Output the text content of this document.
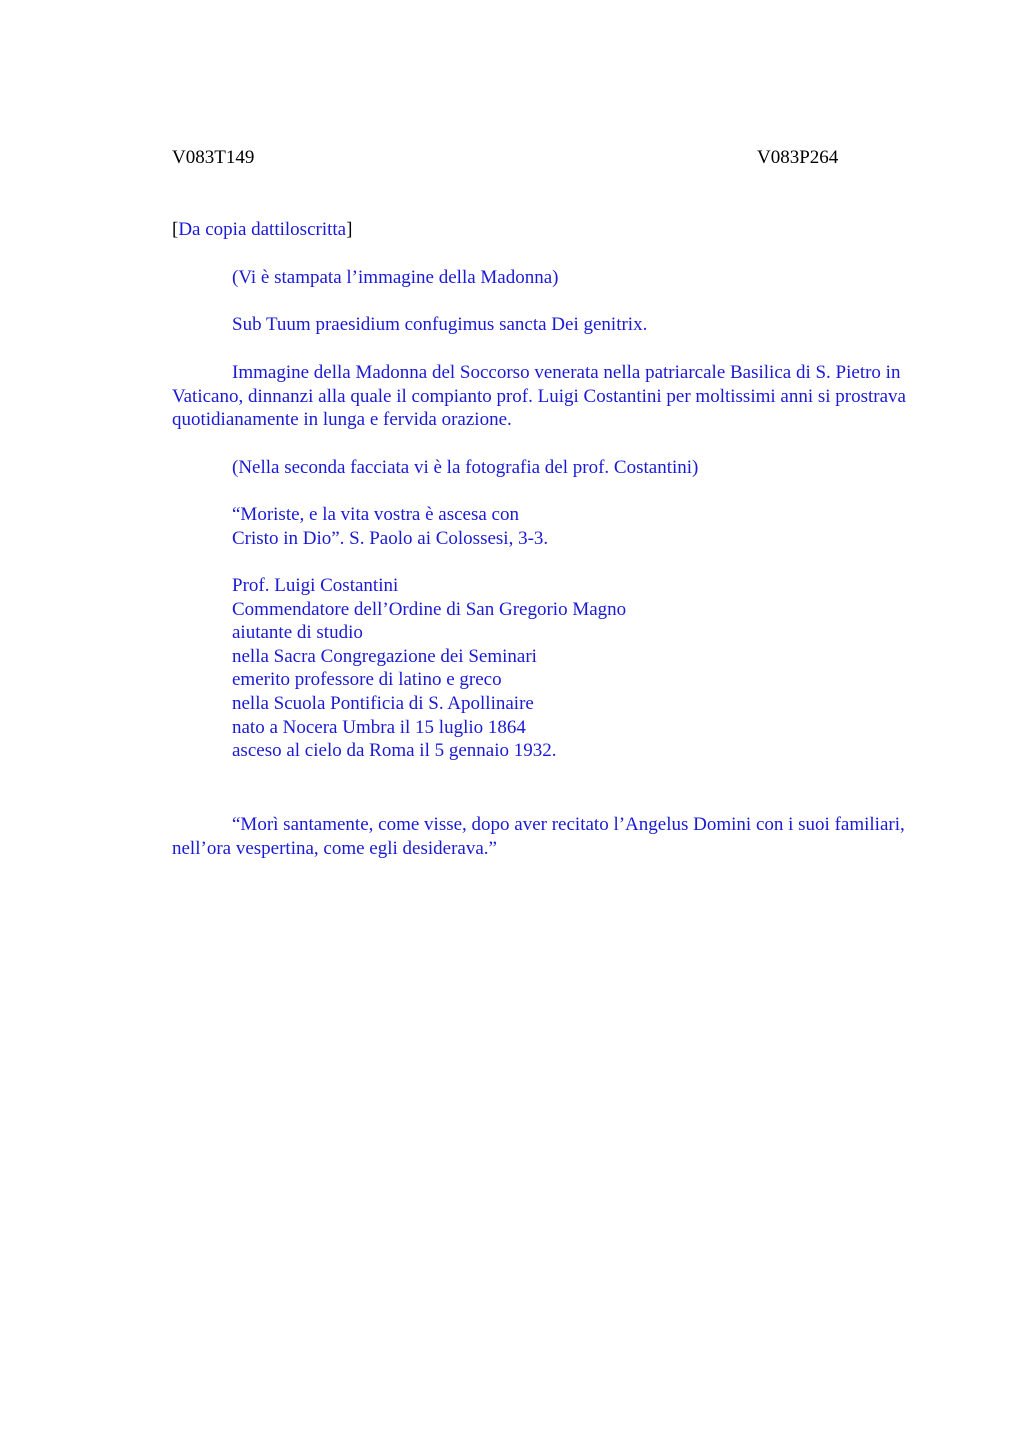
V083T149	V083P264
[Da copia dattiloscritta]

(Vi è stampata l’immagine della Madonna)

Sub Tuum praesidium confugimus sancta Dei genitrix.

Immagine della Madonna del Soccorso venerata nella patriarcale Basilica di S. Pietro in Vaticano, dinnanzi alla quale il compianto prof. Luigi Costantini per moltissimi anni si prostrava quotidianamente in lunga e fervida orazione.

(Nella seconda facciata vi è la fotografia del prof. Costantini)

“Moriste, e la vita vostra è ascesa con
Cristo in Dio”. S. Paolo ai Colossesi, 3-3.
Prof. Luigi Costantini
Commendatore dell’Ordine di San Gregorio Magno
aiutante di studio
nella Sacra Congregazione dei Seminari
emerito professore di latino e greco
nella Scuola Pontificia di S. Apollinaire
nato a Nocera Umbra il 15 luglio 1864
asceso al cielo da Roma il 5 gennaio 1932.

“Morì santamente, come visse, dopo aver recitato l’Angelus Domini con i suoi familiari, nell’ora vespertina, come egli desiderava.”
